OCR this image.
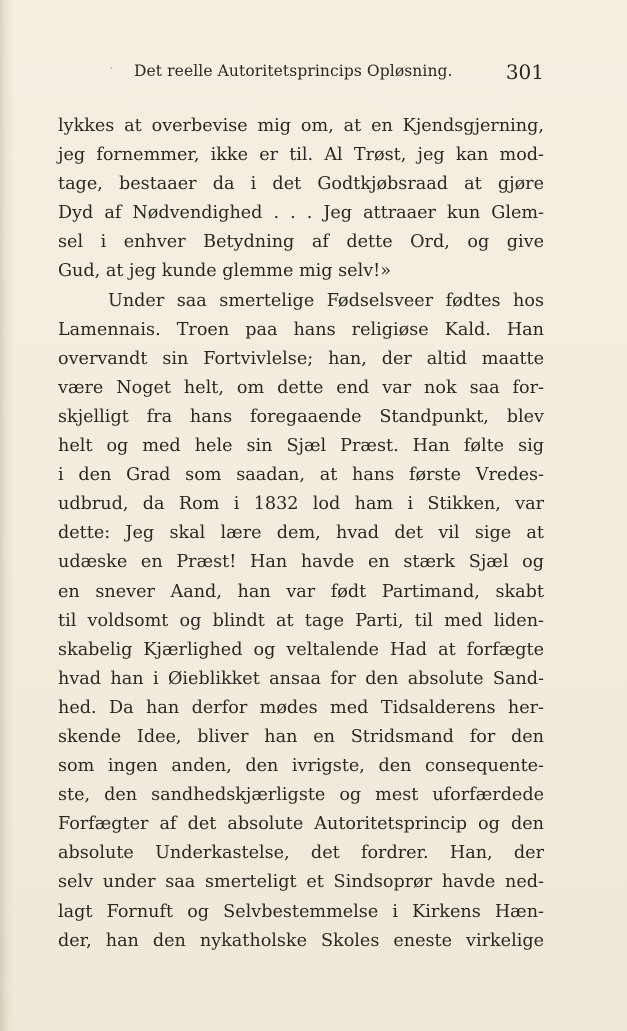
· Det reelle Autoritetsprincips Opløsning.	301
lykkes at overbevise mig om, at en Kjendsgjerning,
jeg fornemmer, ikke er til. Al Trøst, jeg kan mod-
tage, bestaaer da i det Godtkjøbsraad at gjøre
Dyd af Nødvendighed . . . Jeg attraaer kun Glem-
sel i enhver Betydning af dette Ord, og give
Gud, at jeg kunde glemme mig selv!»
Under saa smertelige Fødselsveer fødtes hos
Lamennais. Troen paa hans religiøse Kald. Han
overvandt sin Fortvivlelse; han, der altid maatte
være Noget helt, om dette end var nok saa for-
skjelligt fra hans foregaaende Standpunkt, blev
helt og med hele sin Sjæl Præst. Han følte sig
i den Grad som saadan, at hans første Vredes-
udbrud, da Rom i 1832 lod ham i Stikken, var
dette: Jeg skal lære dem, hvad det vil sige at
udæske en Præst! Han havde en stærk Sjæl og
en snever Aand, han var født Partimand, skabt
til voldsomt og blindt at tage Parti, til med liden-
skabelig Kjærlighed og veltalende Had at forfægte
hvad han i Øieblikket ansaa for den absolute Sand-
hed. Da han derfor mødes med Tidsalderens her-
skende Idee, bliver han en Stridsmand for den
som ingen anden, den ivrigste, den consequente-
ste, den sandhedskjærligste og mest uforfærdede
Forfægter af det absolute Autoritetsprincip og den
absolute Underkastelse, det fordrer. Han, der
selv under saa smerteligt et Sindsoprør havde ned-
lagt Fornuft og Selvbestemmelse i Kirkens Hæn-
der, han den nykatholske Skoles eneste virkelige
